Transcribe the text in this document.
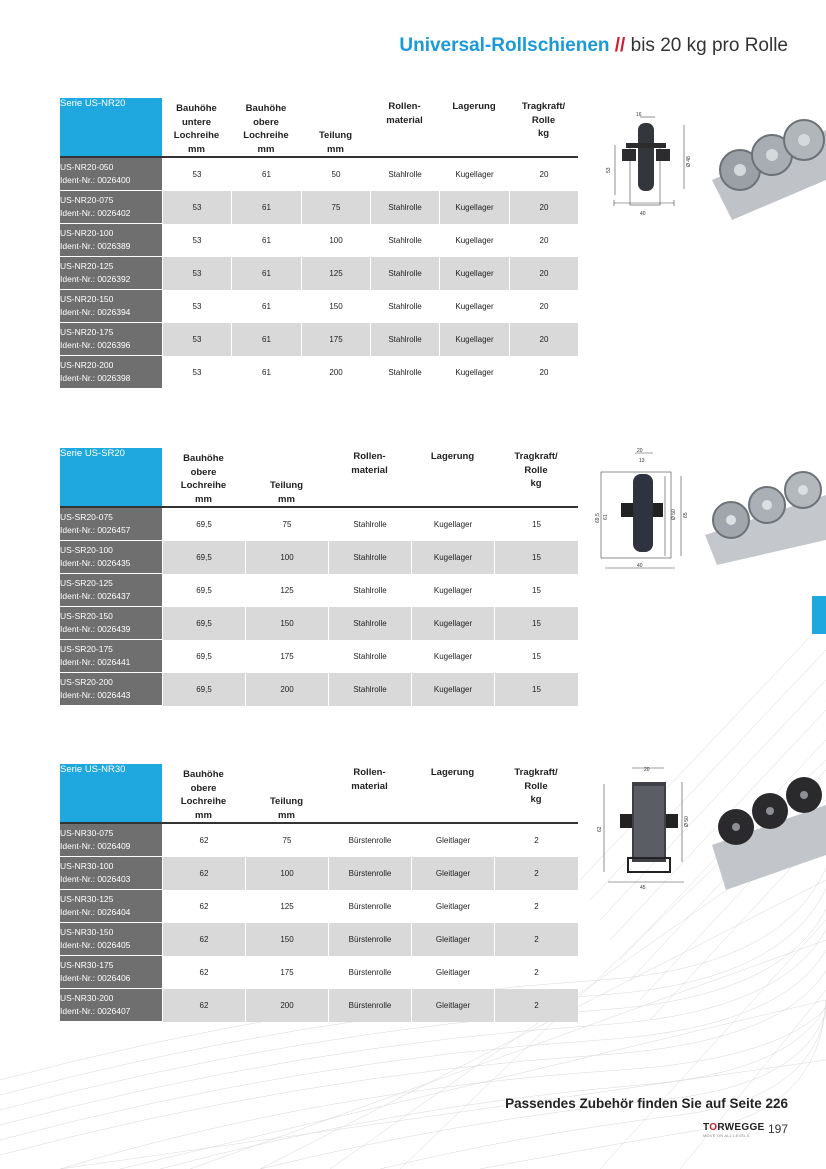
Universal-Rollschienen // bis 20 kg pro Rolle
Serie US-NR20	Bauhöhe
untere
Lochreihe
mm	Bauhöhe
obere
Lochreihe
mm	Teilung
mm	Rollen-
material	Lagerung	Tragkraft/
Rolle
kg
US-NR20-050
Ident-Nr.: 0026400	53	61	50	Stahlrolle	Kugellager	20
US-NR20-075
Ident-Nr.: 0026402	53	61	75	Stahlrolle	Kugellager	20
US-NR20-100
Ident-Nr.: 0026389	53	61	100	Stahlrolle	Kugellager	20
US-NR20-125
Ident-Nr.: 0026392	53	61	125	Stahlrolle	Kugellager	20
US-NR20-150
Ident-Nr.: 0026394	53	61	150	Stahlrolle	Kugellager	20
US-NR20-175
Ident-Nr.: 0026396	53	61	175	Stahlrolle	Kugellager	20
US-NR20-200
Ident-Nr.: 0026398	53	61	200	Stahlrolle	Kugellager	20
Serie US-SR20	Bauhöhe
obere
Lochreihe
mm	Teilung
mm	Rollen-
material	Lagerung	Tragkraft/
Rolle
kg
US-SR20-075
Ident-Nr.: 0026457	69,5	75	Stahlrolle	Kugellager	15
US-SR20-100
Ident-Nr.: 0026435	69,5	100	Stahlrolle	Kugellager	15
US-SR20-125
Ident-Nr.: 0026437	69,5	125	Stahlrolle	Kugellager	15
US-SR20-150
Ident-Nr.: 0026439	69,5	150	Stahlrolle	Kugellager	15
US-SR20-175
Ident-Nr.: 0026441	69,5	175	Stahlrolle	Kugellager	15
US-SR20-200
Ident-Nr.: 0026443	69,5	200	Stahlrolle	Kugellager	15
Serie US-NR30	Bauhöhe
obere
Lochreihe
mm	Teilung
mm	Rollen-
material	Lagerung	Tragkraft/
Rolle
kg
US-NR30-075
Ident-Nr.: 0026409	62	75	Bürstenrolle	Gleitlager	2
US-NR30-100
Ident-Nr.: 0026403	62	100	Bürstenrolle	Gleitlager	2
US-NR30-125
Ident-Nr.: 0026404	62	125	Bürstenrolle	Gleitlager	2
US-NR30-150
Ident-Nr.: 0026405	62	150	Bürstenrolle	Gleitlager	2
US-NR30-175
Ident-Nr.: 0026406	62	175	Bürstenrolle	Gleitlager	2
US-NR30-200
Ident-Nr.: 0026407	62	200	Bürstenrolle	Gleitlager	2
16
40
53
Ø 48
20
13
40
69,5 61	Ø 50 65
20
45
62
Ø 50
Passendes Zubehör finden Sie auf Seite 226
TORWEGGE
MOVE ON ALL LEVELS	197
